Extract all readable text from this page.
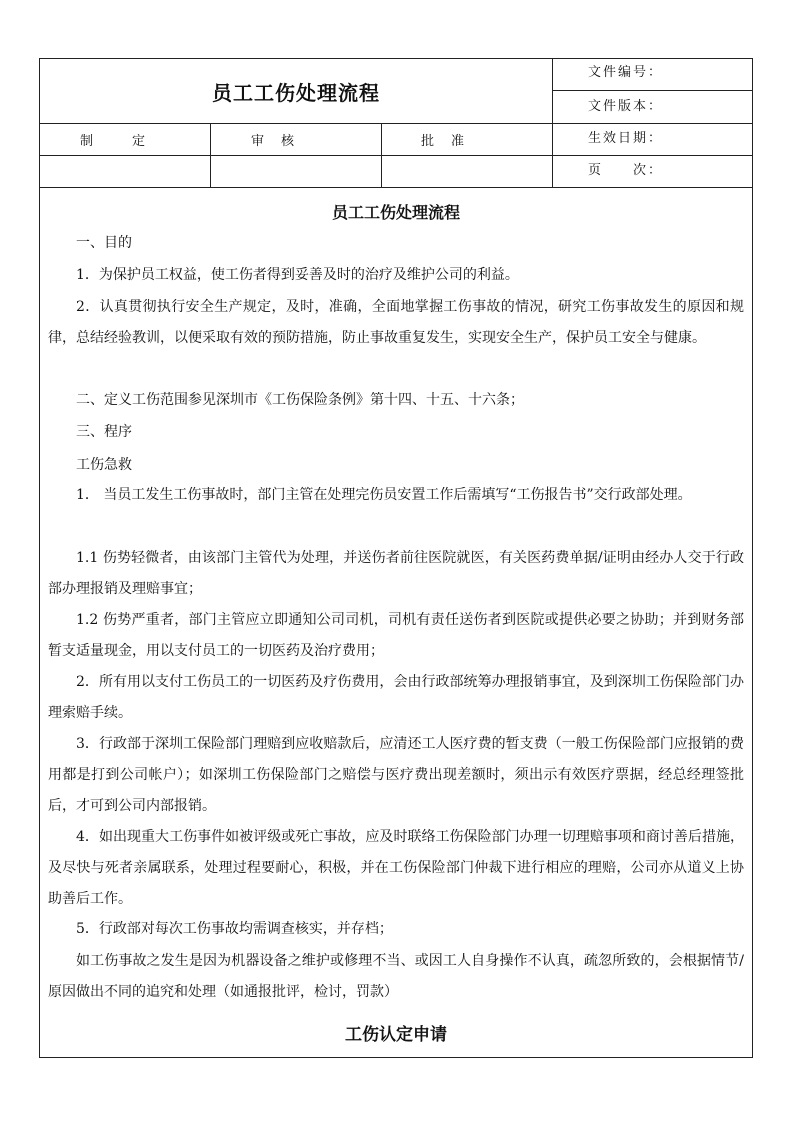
员工工伤处理流程
文件编号：
文件版本：
生效日期：
页　　次：
制　　　定	审　核	批　准
员工工伤处理流程

一、目的

1．为保护员工权益，使工伤者得到妥善及时的治疗及维护公司的利益。

2．认真贯彻执行安全生产规定，及时，准确，全面地掌握工伤事故的情况，研究工伤事故发生的原因和规律，总结经验教训，以便采取有效的预防措施，防止事故重复发生，实现安全生产，保护员工安全与健康。

二、定义工伤范围参见深圳市《工伤保险条例》第十四、十五、十六条；

三、程序

工伤急救

1． 当员工发生工伤事故时，部门主管在处理完伤员安置工作后需填写“工伤报告书”交行政部处理。

1.1 伤势轻微者，由该部门主管代为处理，并送伤者前往医院就医，有关医药费单据/证明由经办人交于行政部办理报销及理赔事宜；

1.2 伤势严重者，部门主管应立即通知公司司机，司机有责任送伤者到医院或提供必要之协助；并到财务部暂支适量现金，用以支付员工的一切医药及治疗费用；

2．所有用以支付工伤员工的一切医药及疗伤费用，会由行政部统筹办理报销事宜，及到深圳工伤保险部门办理索赔手续。

3．行政部于深圳工保险部门理赔到应收赔款后，应清还工人医疗费的暂支费（一般工伤保险部门应报销的费用都是打到公司帐户）；如深圳工伤保险部门之赔偿与医疗费出现差额时，须出示有效医疗票据，经总经理签批后，才可到公司内部报销。

4．如出现重大工伤事件如被评级或死亡事故，应及时联络工伤保险部门办理一切理赔事项和商讨善后措施，及尽快与死者亲属联系，处理过程要耐心，积极，并在工伤保险部门仲裁下进行相应的理赔，公司亦从道义上协助善后工作。

5．行政部对每次工伤事故均需调查核实，并存档；

如工伤事故之发生是因为机器设备之维护或修理不当、或因工人自身操作不认真，疏忽所致的，会根据情节/原因做出不同的追究和处理（如通报批评，检讨，罚款）

工伤认定申请
